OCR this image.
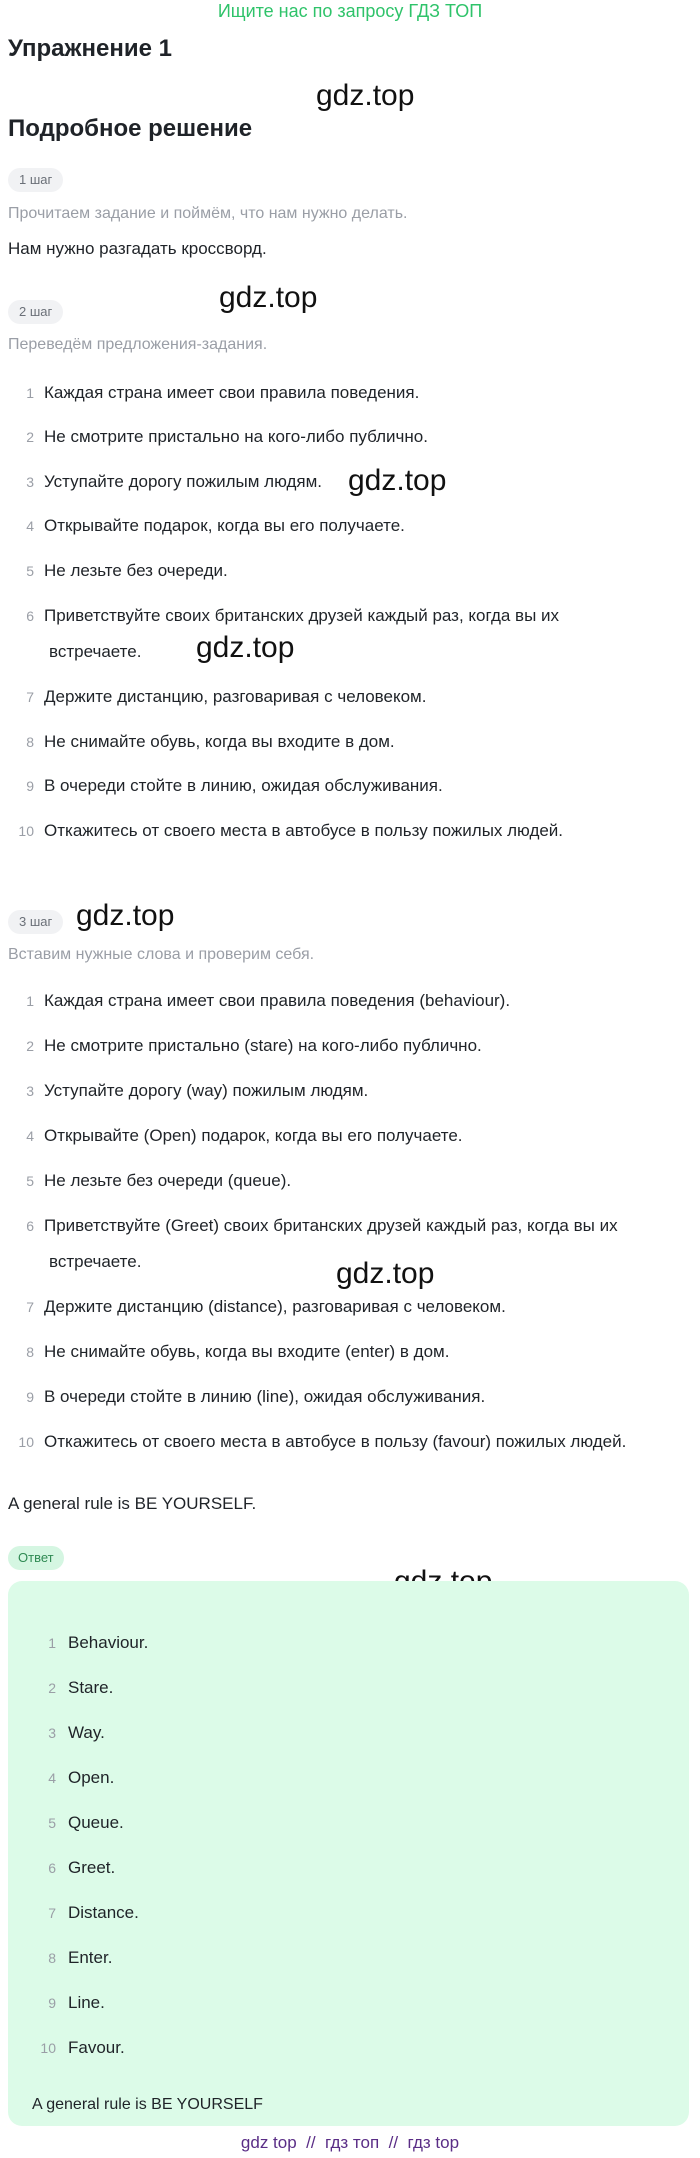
Ищите нас по запросу ГДЗ ТОП
Упражнение 1
Подробное решение
gdz.top
gdz.top
gdz.top
gdz.top
gdz.top
gdz.top
1 шаг
Прочитаем задание и поймём, что нам нужно делать.
Нам нужно разгадать кроссворд.
2 шаг
Переведём предложения-задания.
1 Каждая страна имеет свои правила поведения.
2 Не смотрите пристально на кого-либо публично.
3 Уступайте дорогу пожилым людям.
4 Открывайте подарок, когда вы его получаете.
5 Не лезьте без очереди.
6 Приветствуйте своих британских друзей каждый раз, когда вы их
встречаете.
7 Держите дистанцию, разговаривая с человеком.
8 Не снимайте обувь, когда вы входите в дом.
9 В очереди стойте в линию, ожидая обслуживания.
10 Откажитесь от своего места в автобусе в пользу пожилых людей.
3 шаг
Вставим нужные слова и проверим себя.
1 Каждая страна имеет свои правила поведения (behaviour).
2 Не смотрите пристально (stare) на кого-либо публично.
3 Уступайте дорогу (way) пожилым людям.
4 Открывайте (Open) подарок, когда вы его получаете.
5 Не лезьте без очереди (queue).
6 Приветствуйте (Greet) своих британских друзей каждый раз, когда вы их
встречаете.
7 Держите дистанцию (distance), разговаривая с человеком.
8 Не снимайте обувь, когда вы входите (enter) в дом.
9 В очереди стойте в линию (line), ожидая обслуживания.
10 Откажитесь от своего места в автобусе в пользу (favour) пожилых людей.
A general rule is BE YOURSELF.
Ответ
A general rule is BE YOURSELF
1 Behaviour.
2 Stare.
3 Way.
4 Open.
5 Queue.
6 Greet.
7 Distance.
8 Enter.
9 Line.
10 Favour.
gdz top // гдз топ // гдз top
